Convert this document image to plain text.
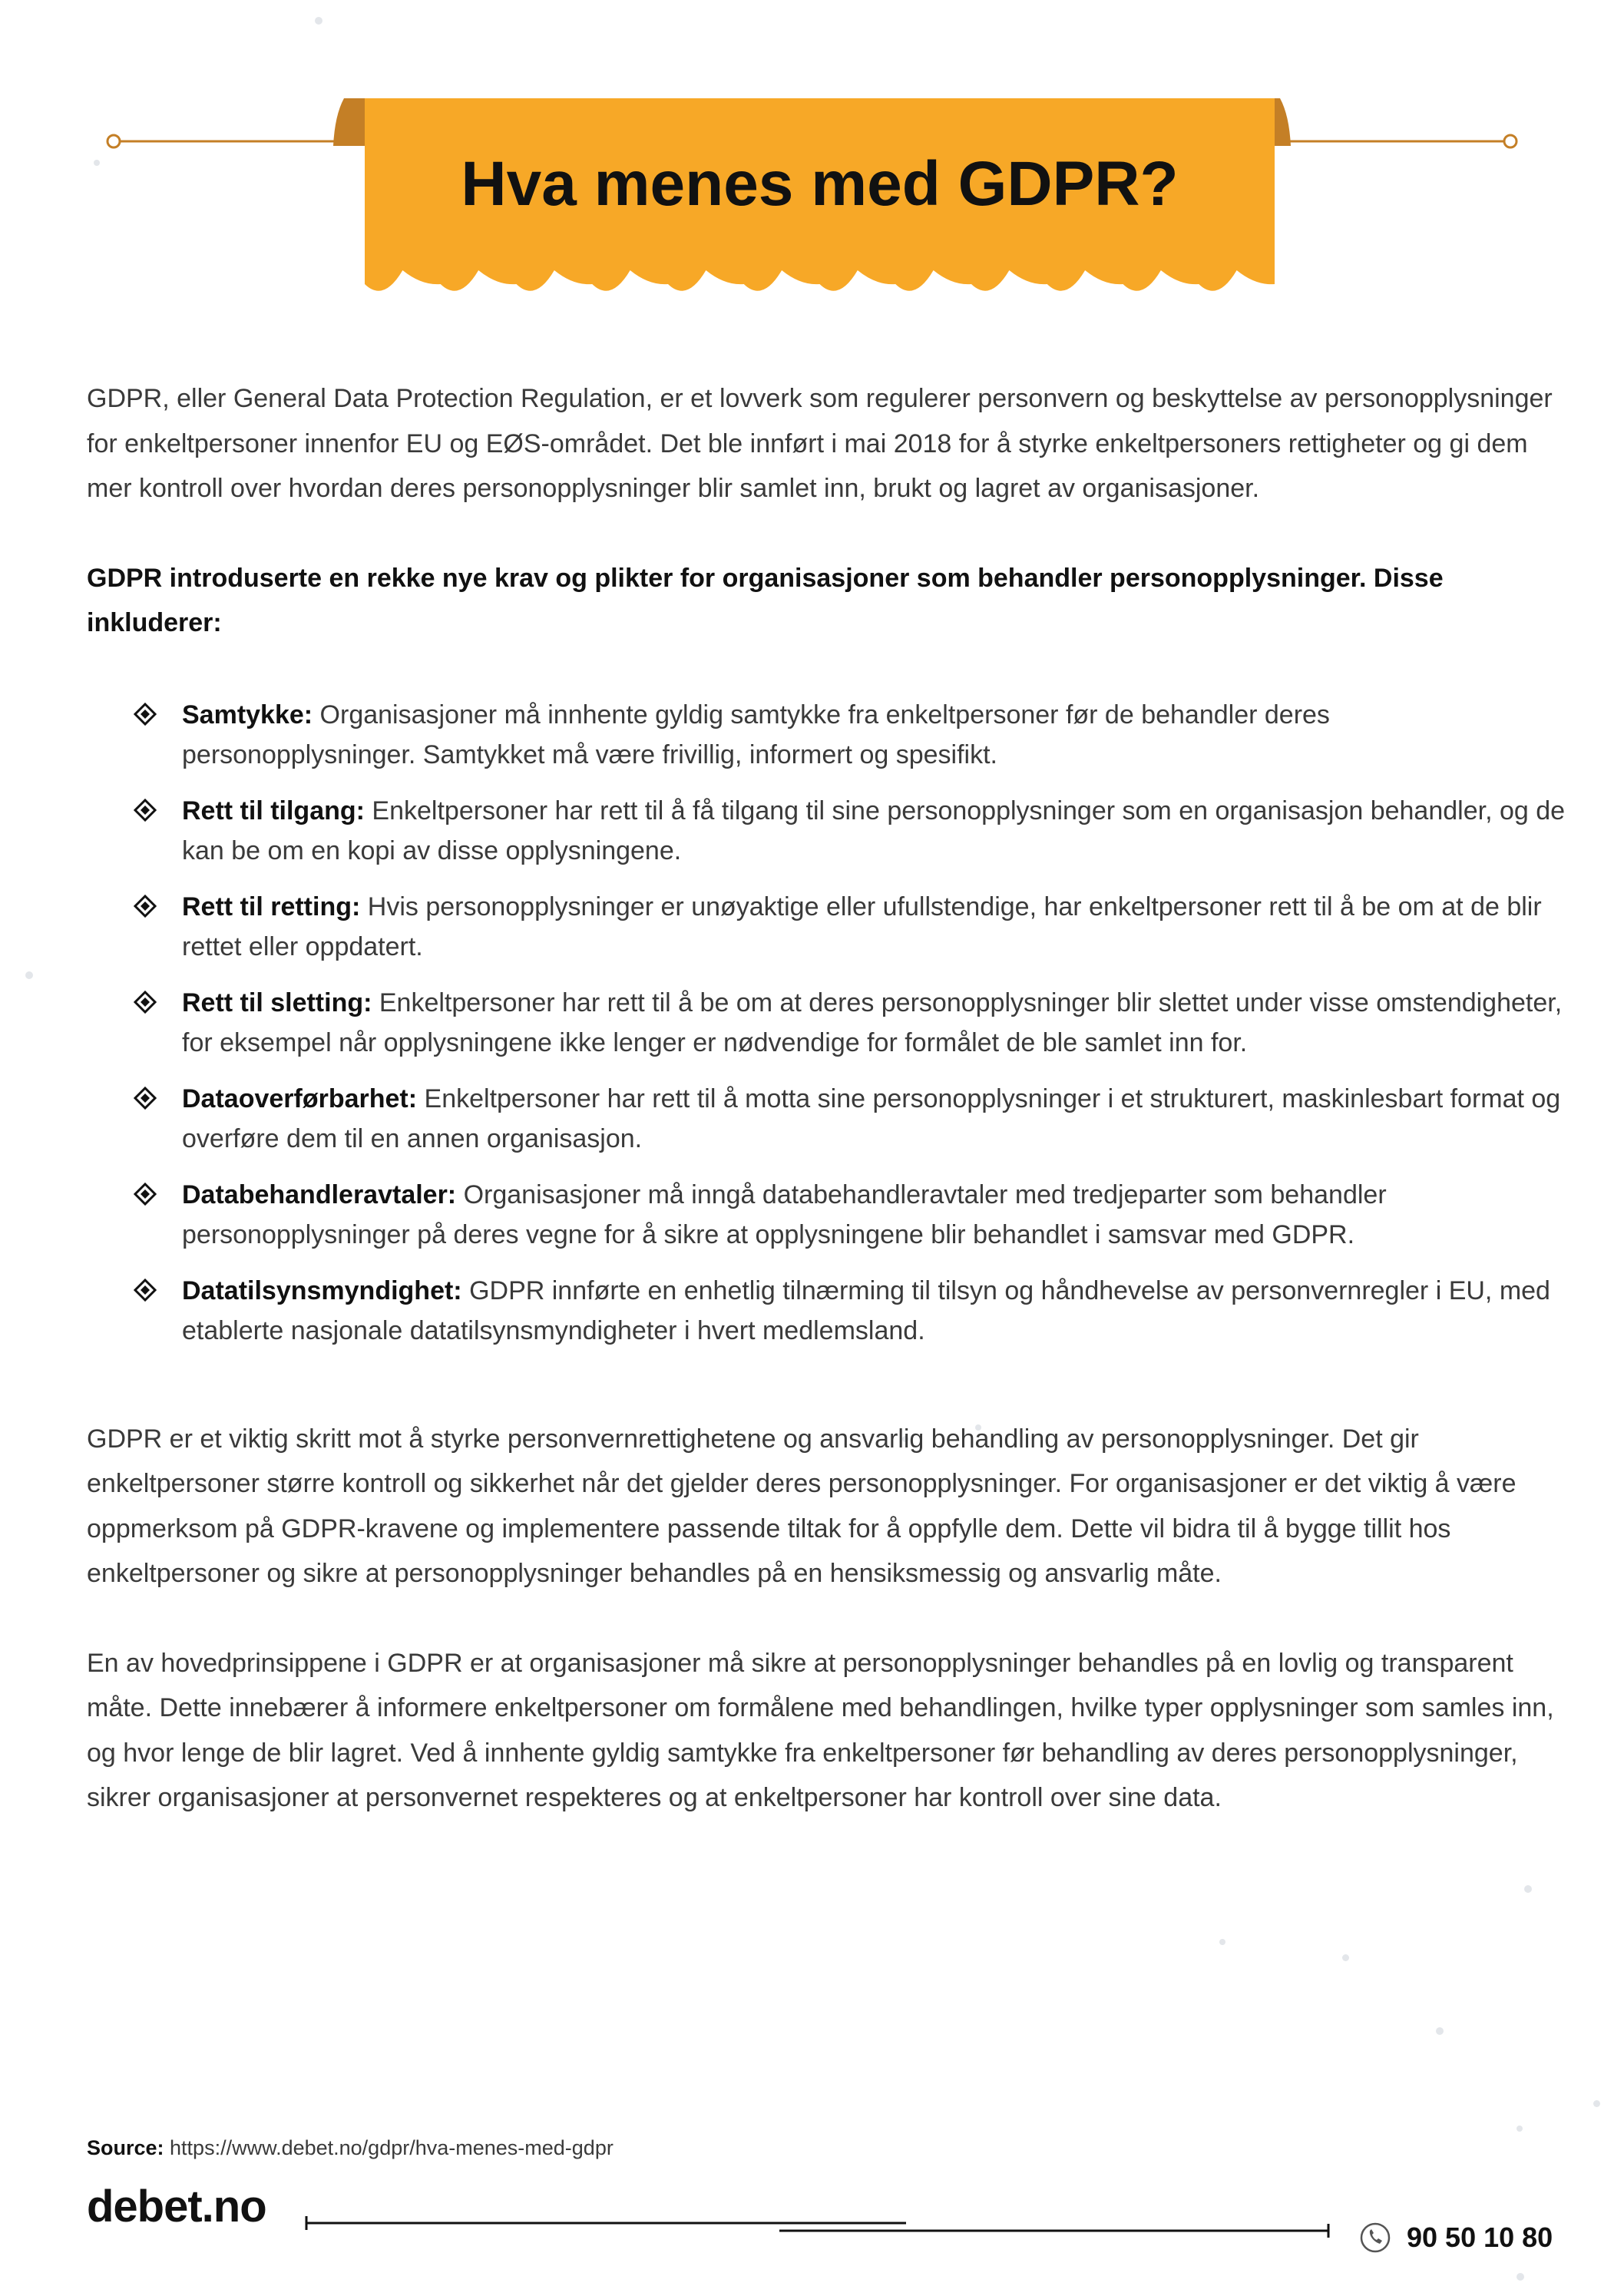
Hva menes med GDPR?

GDPR, eller General Data Protection Regulation, er et lovverk som regulerer personvern og beskyttelse av personopplysninger for enkeltpersoner innenfor EU og EØS-området. Det ble innført i mai 2018 for å styrke enkeltpersoners rettigheter og gi dem mer kontroll over hvordan deres personopplysninger blir samlet inn, brukt og lagret av organisasjoner.

GDPR introduserte en rekke nye krav og plikter for organisasjoner som behandler personopplysninger. Disse inkluderer:

Samtykke: Organisasjoner må innhente gyldig samtykke fra enkeltpersoner før de behandler deres personopplysninger. Samtykket må være frivillig, informert og spesifikt.
Rett til tilgang: Enkeltpersoner har rett til å få tilgang til sine personopplysninger som en organisasjon behandler, og de kan be om en kopi av disse opplysningene.
Rett til retting: Hvis personopplysninger er unøyaktige eller ufullstendige, har enkeltpersoner rett til å be om at de blir rettet eller oppdatert.
Rett til sletting: Enkeltpersoner har rett til å be om at deres personopplysninger blir slettet under visse omstendigheter, for eksempel når opplysningene ikke lenger er nødvendige for formålet de ble samlet inn for.
Dataoverførbarhet: Enkeltpersoner har rett til å motta sine personopplysninger i et strukturert, maskinlesbart format og overføre dem til en annen organisasjon.
Databehandleravtaler: Organisasjoner må inngå databehandleravtaler med tredjeparter som behandler personopplysninger på deres vegne for å sikre at opplysningene blir behandlet i samsvar med GDPR.
Datatilsynsmyndighet: GDPR innførte en enhetlig tilnærming til tilsyn og håndhevelse av personvernregler i EU, med etablerte nasjonale datatilsynsmyndigheter i hvert medlemsland.

GDPR er et viktig skritt mot å styrke personvernrettighetene og ansvarlig behandling av personopplysninger. Det gir enkeltpersoner større kontroll og sikkerhet når det gjelder deres personopplysninger. For organisasjoner er det viktig å være oppmerksom på GDPR-kravene og implementere passende tiltak for å oppfylle dem. Dette vil bidra til å bygge tillit hos enkeltpersoner og sikre at personopplysninger behandles på en hensiksmessig og ansvarlig måte.

En av hovedprinsippene i GDPR er at organisasjoner må sikre at personopplysninger behandles på en lovlig og transparent måte. Dette innebærer å informere enkeltpersoner om formålene med behandlingen, hvilke typer opplysninger som samles inn, og hvor lenge de blir lagret. Ved å innhente gyldig samtykke fra enkeltpersoner før behandling av deres personopplysninger, sikrer organisasjoner at personvernet respekteres og at enkeltpersoner har kontroll over sine data.

Source: https://www.debet.no/gdpr/hva-menes-med-gdpr
debet.no
90 50 10 80
